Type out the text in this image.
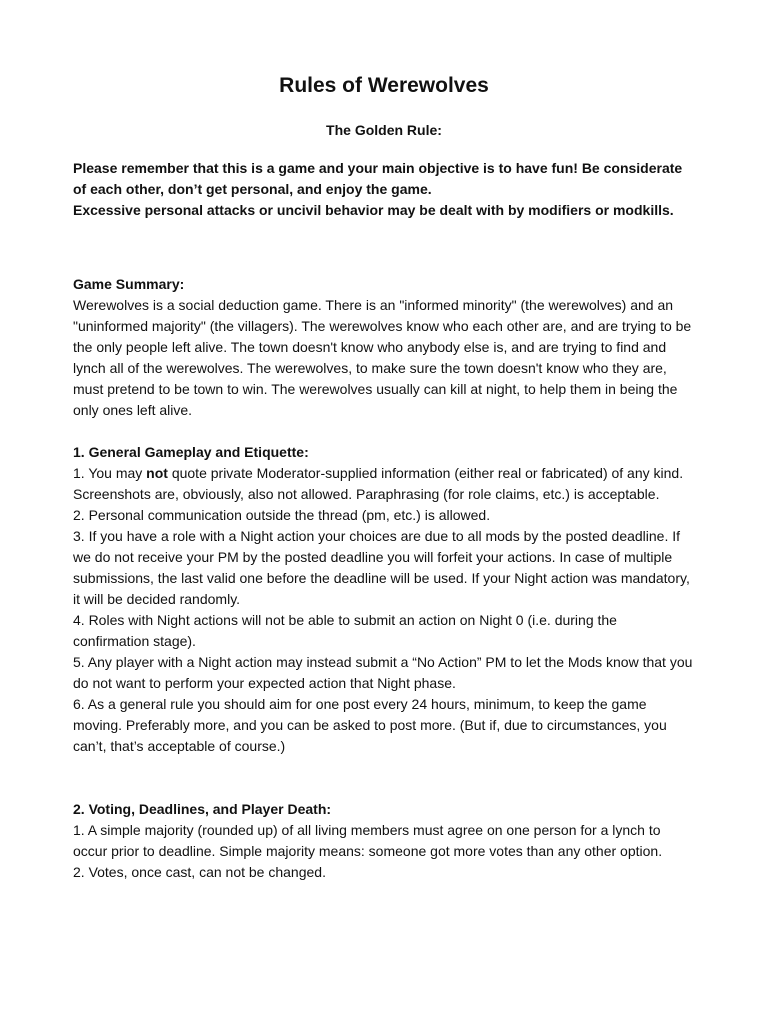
Rules of Werewolves

The Golden Rule:

Please remember that this is a game and your main objective is to have fun! Be considerate of each other, don’t get personal, and enjoy the game.

Excessive personal attacks or uncivil behavior may be dealt with by modifiers or modkills.

Game Summary:

Werewolves is a social deduction game. There is an "informed minority" (the werewolves) and an "uninformed majority" (the villagers). The werewolves know who each other are, and are trying to be the only people left alive. The town doesn't know who anybody else is, and are trying to find and lynch all of the werewolves. The werewolves, to make sure the town doesn't know who they are, must pretend to be town to win. The werewolves usually can kill at night, to help them in being the only ones left alive.

1. General Gameplay and Etiquette:

1. You may not quote private Moderator-supplied information (either real or fabricated) of any kind. Screenshots are, obviously, also not allowed. Paraphrasing (for role claims, etc.) is acceptable.

2. Personal communication outside the thread (pm, etc.) is allowed.

3. If you have a role with a Night action your choices are due to all mods by the posted deadline. If we do not receive your PM by the posted deadline you will forfeit your actions. In case of multiple submissions, the last valid one before the deadline will be used. If your Night action was mandatory, it will be decided randomly.

4. Roles with Night actions will not be able to submit an action on Night 0 (i.e. during the confirmation stage).

5. Any player with a Night action may instead submit a “No Action” PM to let the Mods know that you do not want to perform your expected action that Night phase.

6. As a general rule you should aim for one post every 24 hours, minimum, to keep the game moving. Preferably more, and you can be asked to post more. (But if, due to circumstances, you can’t, that’s acceptable of course.)

2. Voting, Deadlines, and Player Death:

1. A simple majority (rounded up) of all living members must agree on one person for a lynch to occur prior to deadline. Simple majority means: someone got more votes than any other option.

2. Votes, once cast, can not be changed.
